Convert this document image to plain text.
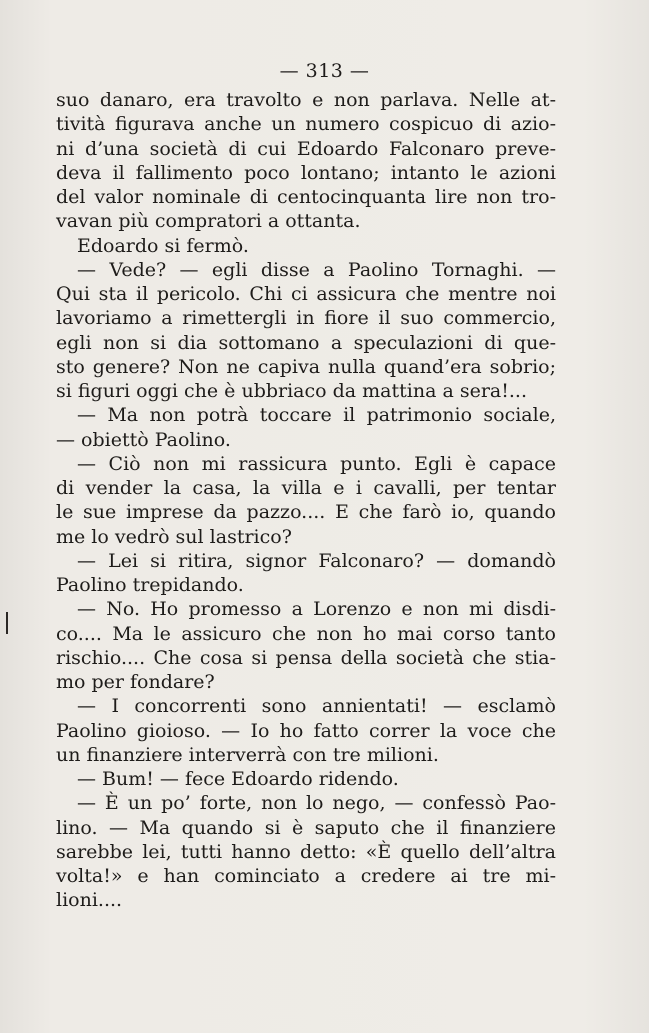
— 313 —
suo danaro, era travolto e non parlava. Nelle at-
tività figurava anche un numero cospicuo di azio-
ni d’una società di cui Edoardo Falconaro preve-
deva il fallimento poco lontano; intanto le azioni
del valor nominale di centocinquanta lire non tro-
vavan più compratori a ottanta.
Edoardo si fermò.
— Vede? — egli disse a Paolino Tornaghi. —
Qui sta il pericolo. Chi ci assicura che mentre noi
lavoriamo a rimettergli in fiore il suo commercio,
egli non si dia sottomano a speculazioni di que-
sto genere? Non ne capiva nulla quand’era sobrio;
si figuri oggi che è ubbriaco da mattina a sera!...
— Ma non potrà toccare il patrimonio sociale,
— obiettò Paolino.
— Ciò non mi rassicura punto. Egli è capace
di vender la casa, la villa e i cavalli, per tentar
le sue imprese da pazzo.... E che farò io, quando
me lo vedrò sul lastrico?
— Lei si ritira, signor Falconaro? — domandò
Paolino trepidando.
— No. Ho promesso a Lorenzo e non mi disdi-
co.... Ma le assicuro che non ho mai corso tanto
rischio.... Che cosa si pensa della società che stia-
mo per fondare?
— I concorrenti sono annientati! — esclamò
Paolino gioioso. — Io ho fatto correr la voce che
un finanziere interverrà con tre milioni.
— Bum! — fece Edoardo ridendo.
— È un po’ forte, non lo nego, — confessò Pao-
lino. — Ma quando si è saputo che il finanziere
sarebbe lei, tutti hanno detto: «È quello dell’altra
volta!» e han cominciato a credere ai tre mi-
lioni....
